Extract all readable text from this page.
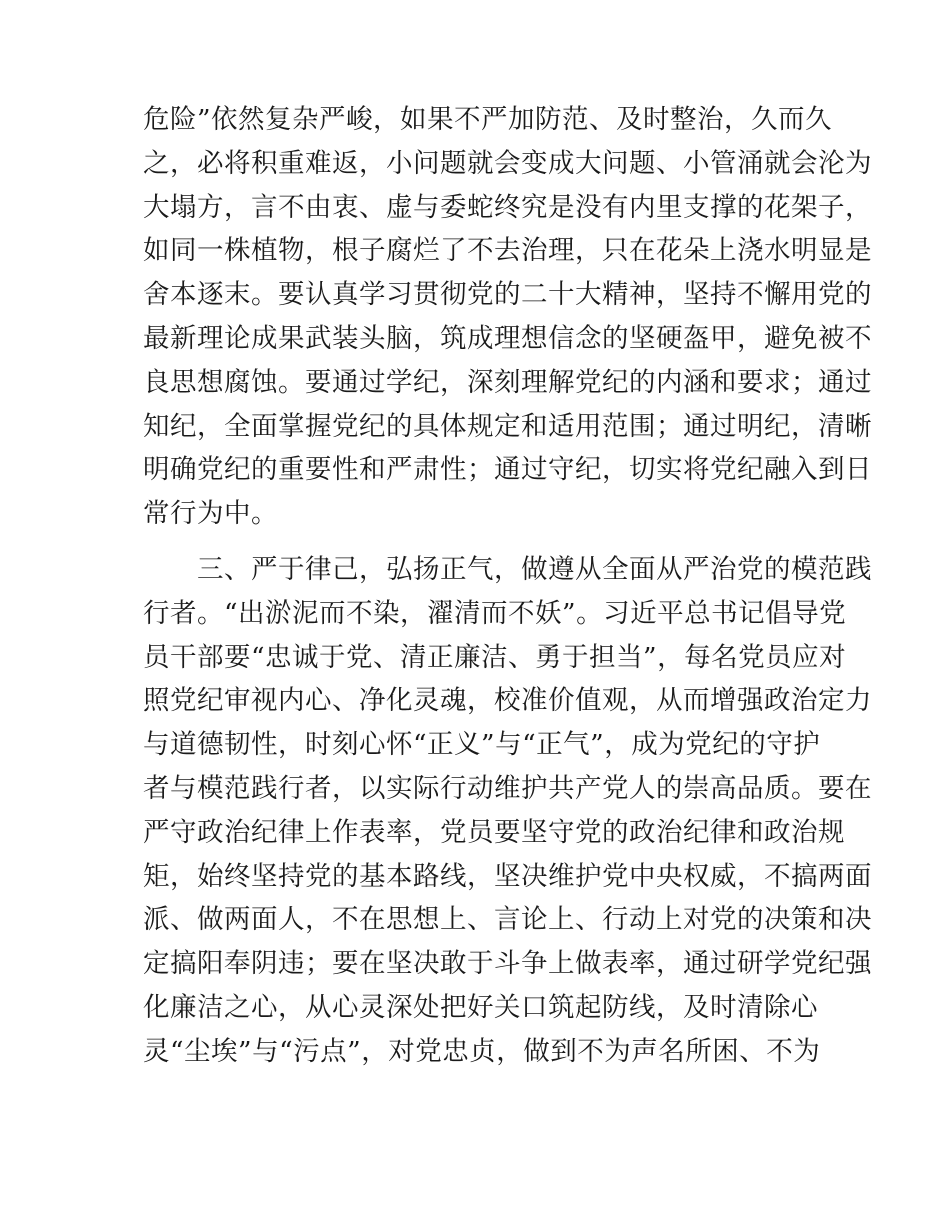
危险”依然复杂严峻，如果不严加防范、及时整治，久而久
之，必将积重难返，小问题就会变成大问题、小管涌就会沦为
大塌方，言不由衷、虚与委蛇终究是没有内里支撑的花架子，
如同一株植物，根子腐烂了不去治理，只在花朵上浇水明显是
舍本逐末。要认真学习贯彻党的二十大精神，坚持不懈用党的
最新理论成果武装头脑，筑成理想信念的坚硬盔甲，避免被不
良思想腐蚀。要通过学纪，深刻理解党纪的内涵和要求；通过
知纪，全面掌握党纪的具体规定和适用范围；通过明纪，清晰
明确党纪的重要性和严肃性；通过守纪，切实将党纪融入到日
常行为中。
　　三、严于律己，弘扬正气，做遵从全面从严治党的模范践
行者。“出淤泥而不染，濯清而不妖”。习近平总书记倡导党
员干部要“忠诚于党、清正廉洁、勇于担当”，每名党员应对
照党纪审视内心、净化灵魂，校准价值观，从而增强政治定力
与道德韧性，时刻心怀“正义”与“正气”，成为党纪的守护
者与模范践行者，以实际行动维护共产党人的崇高品质。要在
严守政治纪律上作表率，党员要坚守党的政治纪律和政治规
矩，始终坚持党的基本路线，坚决维护党中央权威，不搞两面
派、做两面人，不在思想上、言论上、行动上对党的决策和决
定搞阳奉阴违；要在坚决敢于斗争上做表率，通过研学党纪强
化廉洁之心，从心灵深处把好关口筑起防线，及时清除心
灵“尘埃”与“污点”，对党忠贞，做到不为声名所困、不为
